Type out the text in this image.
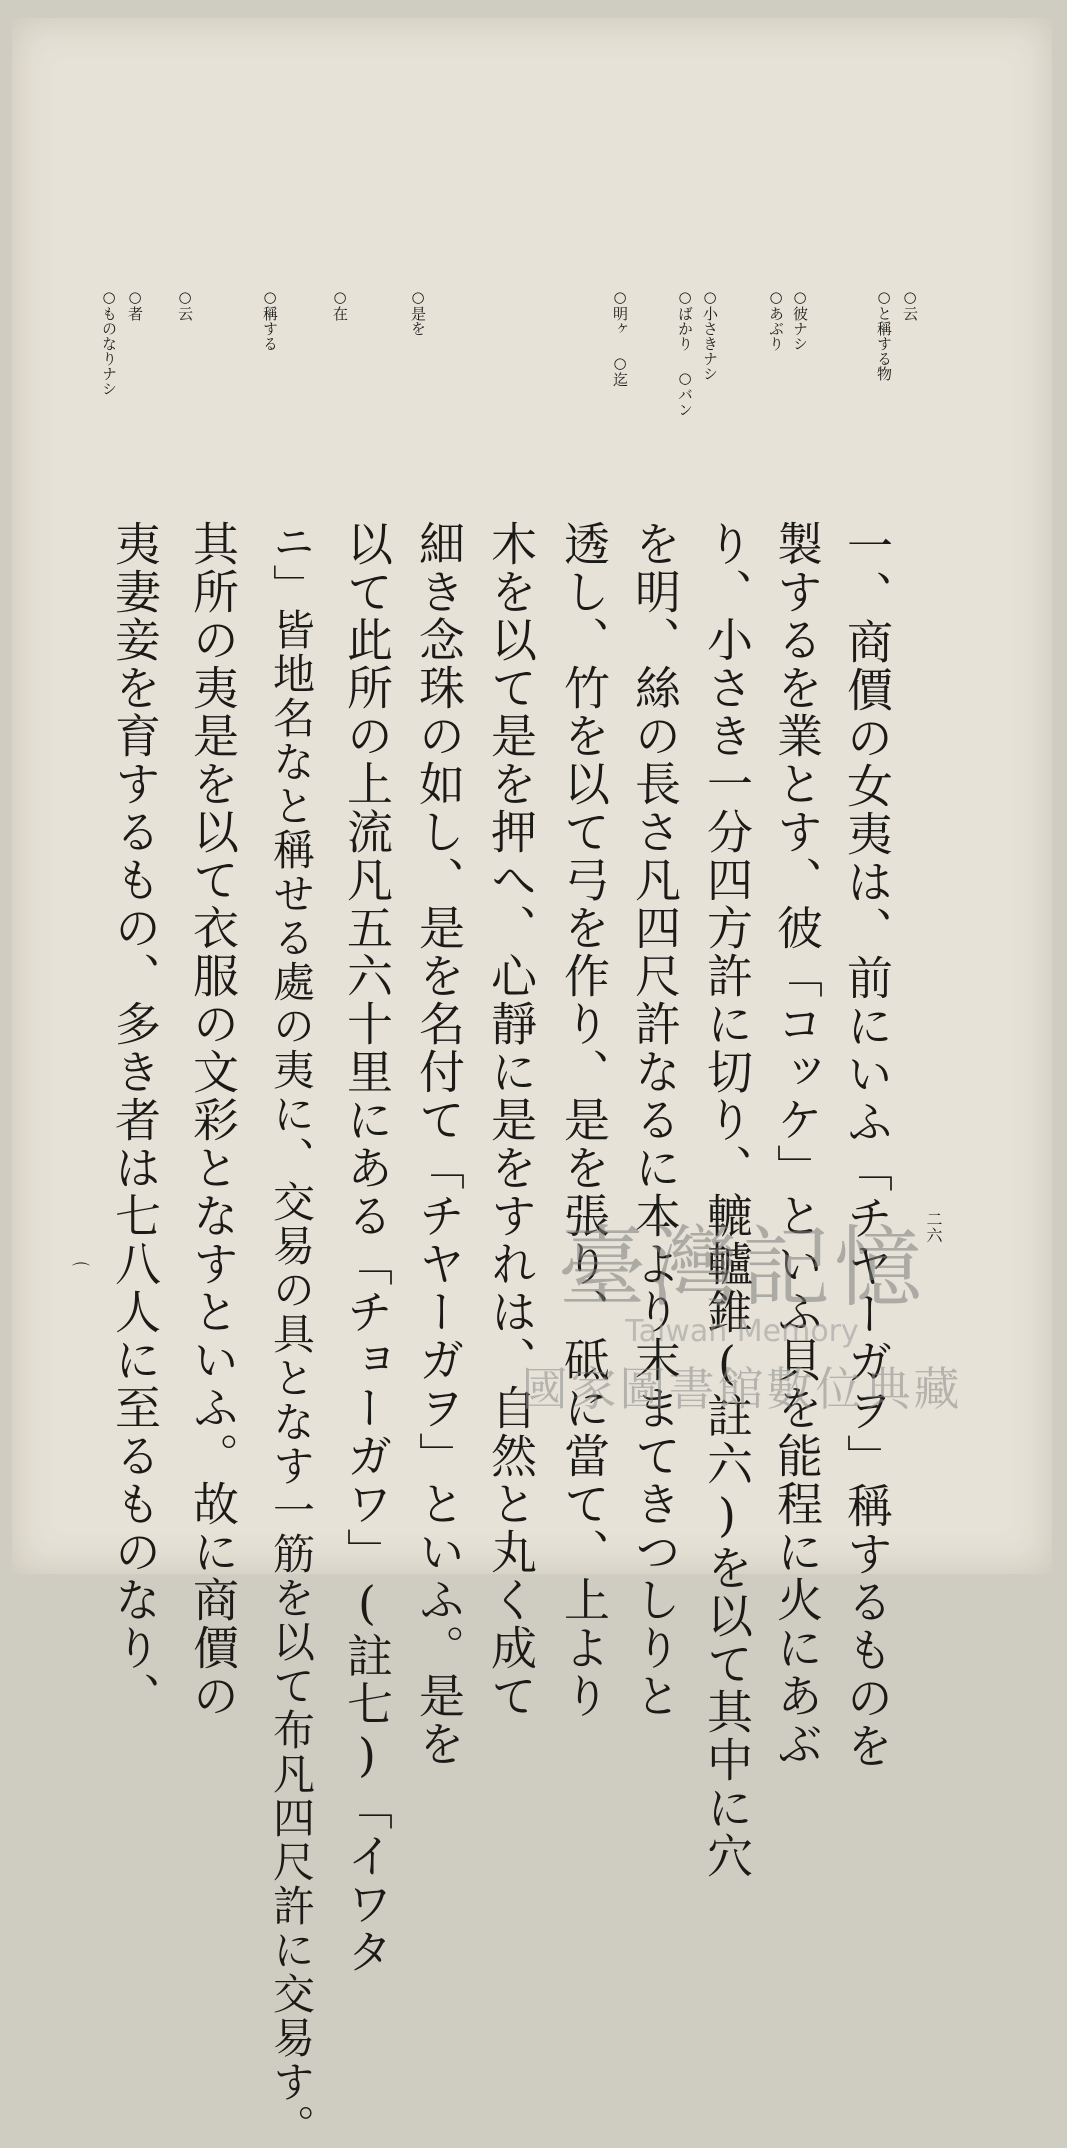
○云
○と稱する物
○彼ナシ
○あぶり
○小さきナシ
○ばかり ○バン
○明ヶ ○迄
○是を
○在
○稱する
○云
○者
○ものなりナシ
一、商價の女夷は、前にいふ「チヤーガヲ」稱するものを
製するを業とす、彼「コッケ」といふ貝を能程に火にあぶ
り、小さき一分四方許に切り、轆轤錐(註六)を以て其中に穴
を明、絲の長さ凡四尺許なるに本より末まてきつしりと
透し、竹を以て弓を作り、是を張り、砥に當て、上より
木を以て是を押へ、心靜に是をすれは、自然と丸く成て
細き念珠の如し、是を名付て「チヤーガヲ」といふ。是を
以て此所の上流凡五六十里にある「チョーガワ」(註七)「イワタ
ニ」皆地名なと稱せる處の夷に、交易の具となす一筋を以て布凡四尺許に交易す。
其所の夷是を以て衣服の文彩となすといふ。故に商價の
夷妻妾を育するもの、多き者は七八人に至るものなり、	二六
⌒	臺灣記憶
Taiwan Memory
國家圖書館數位典藏
